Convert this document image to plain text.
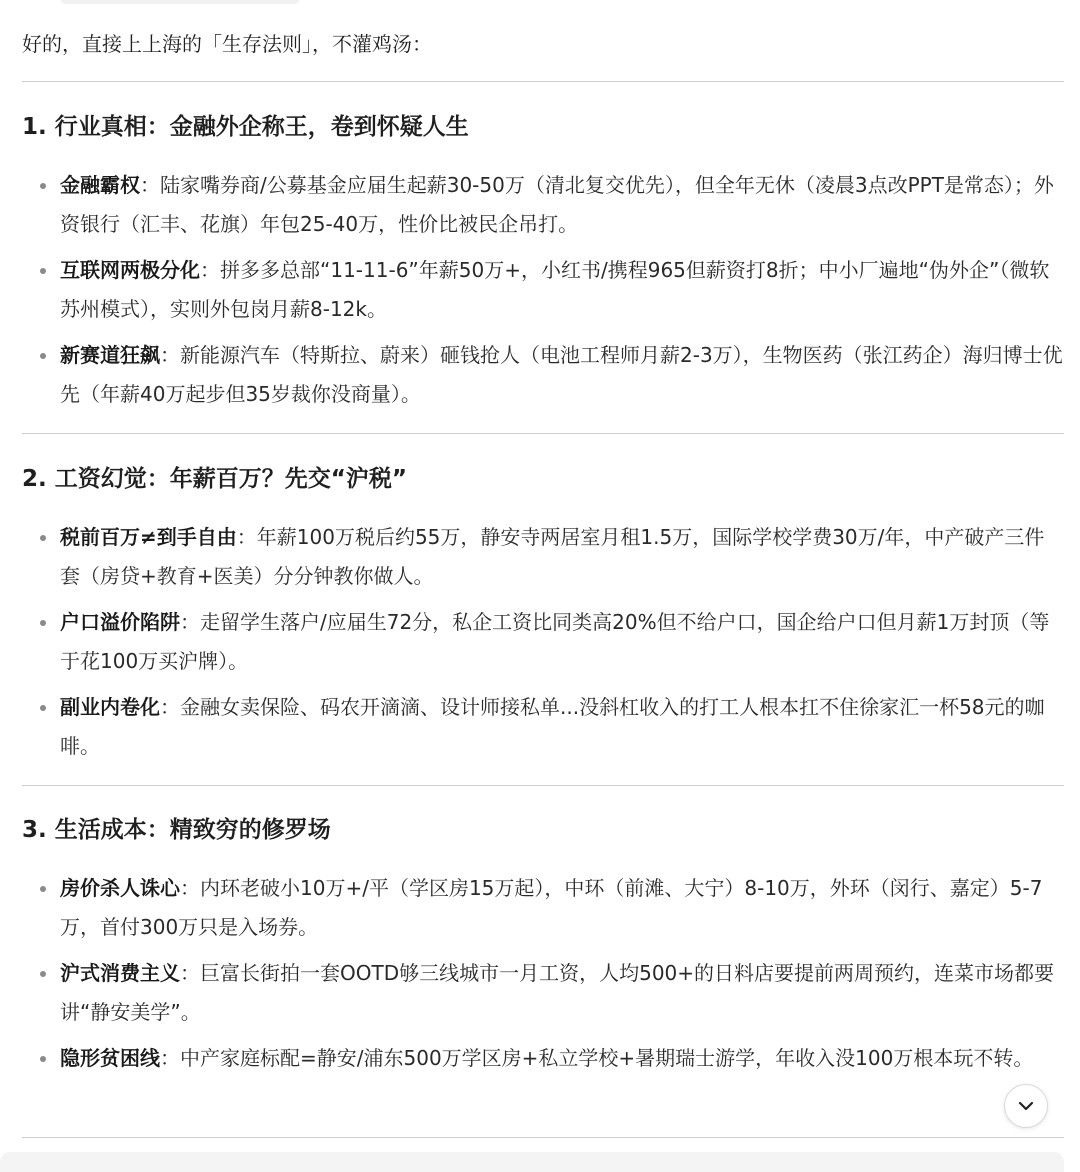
好的，直接上上海的「生存法则」，不灌鸡汤：
1. 行业真相：金融外企称王，卷到怀疑人生
金融霸权：陆家嘴券商/公募基金应届生起薪30-50万（清北复交优先），但全年无休（凌晨3点改PPT是常态）；外资银行（汇丰、花旗）年包25-40万，性价比被民企吊打。
互联网两极分化：拼多多总部“11-11-6”年薪50万+，小红书/携程965但薪资打8折；中小厂遍地“伪外企”（微软苏州模式），实则外包岗月薪8-12k。
新赛道狂飙：新能源汽车（特斯拉、蔚来）砸钱抢人（电池工程师月薪2-3万），生物医药（张江药企）海归博士优先（年薪40万起步但35岁裁你没商量）。
2. 工资幻觉：年薪百万？先交“沪税”
税前百万≠到手自由：年薪100万税后约55万，静安寺两居室月租1.5万，国际学校学费30万/年，中产破产三件套（房贷+教育+医美）分分钟教你做人。
户口溢价陷阱：走留学生落户/应届生72分，私企工资比同类高20%但不给户口，国企给户口但月薪1万封顶（等于花100万买沪牌）。
副业内卷化：金融女卖保险、码农开滴滴、设计师接私单...没斜杠收入的打工人根本扛不住徐家汇一杯58元的咖啡。
3. 生活成本：精致穷的修罗场
房价杀人诛心：内环老破小10万+/平（学区房15万起），中环（前滩、大宁）8-10万，外环（闵行、嘉定）5-7万，首付300万只是入场券。
沪式消费主义：巨富长街拍一套OOTD够三线城市一月工资，人均500+的日料店要提前两周预约，连菜市场都要讲“静安美学”。
隐形贫困线：中产家庭标配=静安/浦东500万学区房+私立学校+暑期瑞士游学，年收入没100万根本玩不转。
